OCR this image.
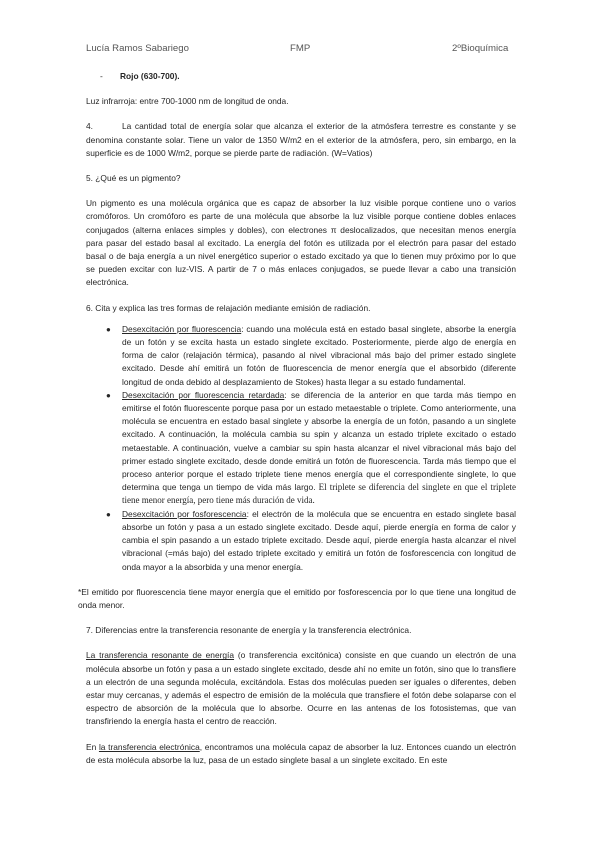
Lucía Ramos Sabariego	FMP	2ºBioquímica
-	Rojo (630-700).

Luz infrarroja: entre 700-1000 nm de longitud de onda.

4.	La cantidad total de energía solar que alcanza el exterior de la atmósfera terrestre es constante y se denomina constante solar. Tiene un valor de 1350 W/m2 en el exterior de la atmósfera, pero, sin embargo, en la superficie es de 1000 W/m2, porque se pierde parte de radiación. (W=Vatios)

5. ¿Qué es un pigmento?

Un pigmento es una molécula orgánica que es capaz de absorber la luz visible porque contiene uno o varios cromóforos. Un cromóforo es parte de una molécula que absorbe la luz visible porque contiene dobles enlaces conjugados (alterna enlaces simples y dobles), con electrones π deslocalizados, que necesitan menos energía para pasar del estado basal al excitado. La energía del fotón es utilizada por el electrón para pasar del estado basal o de baja energía a un nivel energético superior o estado excitado ya que lo tienen muy próximo por lo que se pueden excitar con luz-VIS. A partir de 7 o más enlaces conjugados, se puede llevar a cabo una transición electrónica.

6. Cita y explica las tres formas de relajación mediante emisión de radiación.

● Desexcitación por fluorescencia: cuando una molécula está en estado basal singlete, absorbe la energía de un fotón y se excita hasta un estado singlete excitado. Posteriormente, pierde algo de energía en forma de calor (relajación térmica), pasando al nivel vibracional más bajo del primer estado singlete excitado. Desde ahí emitirá un fotón de fluorescencia de menor energía que el absorbido (diferente longitud de onda debido al desplazamiento de Stokes) hasta llegar a su estado fundamental.
● Desexcitación por fluorescencia retardada: se diferencia de la anterior en que tarda más tiempo en emitirse el fotón fluorescente porque pasa por un estado metaestable o triplete. Como anteriormente, una molécula se encuentra en estado basal singlete y absorbe la energía de un fotón, pasando a un singlete excitado. A continuación, la molécula cambia su spin y alcanza un estado triplete excitado o estado metaestable. A continuación, vuelve a cambiar su spin hasta alcanzar el nivel vibracional más bajo del primer estado singlete excitado, desde donde emitirá un fotón de fluorescencia. Tarda más tiempo que el proceso anterior porque el estado triplete tiene menos energía que el correspondiente singlete, lo que determina que tenga un tiempo de vida más largo. El triplete se diferencia del singlete en que el triplete tiene menor energía, pero tiene más duración de vida.
● Desexcitación por fosforescencia: el electrón de la molécula que se encuentra en estado singlete basal absorbe un fotón y pasa a un estado singlete excitado. Desde aquí, pierde energía en forma de calor y cambia el spin pasando a un estado triplete excitado. Desde aquí, pierde energía hasta alcanzar el nivel vibracional (=más bajo) del estado triplete excitado y emitirá un fotón de fosforescencia con longitud de onda mayor a la absorbida y una menor energía.

*El emitido por fluorescencia tiene mayor energía que el emitido por fosforescencia por lo que tiene una longitud de onda menor.

7. Diferencias entre la transferencia resonante de energía y la transferencia electrónica.

La transferencia resonante de energía (o transferencia excitónica) consiste en que cuando un electrón de una molécula absorbe un fotón y pasa a un estado singlete excitado, desde ahí no emite un fotón, sino que lo transfiere a un electrón de una segunda molécula, excitándola. Estas dos moléculas pueden ser iguales o diferentes, deben estar muy cercanas, y además el espectro de emisión de la molécula que transfiere el fotón debe solaparse con el espectro de absorción de la molécula que lo absorbe. Ocurre en las antenas de los fotosistemas, que van transfiriendo la energía hasta el centro de reacción.

En la transferencia electrónica, encontramos una molécula capaz de absorber la luz. Entonces cuando un electrón de esta molécula absorbe la luz, pasa de un estado singlete basal a un singlete excitado. En este
